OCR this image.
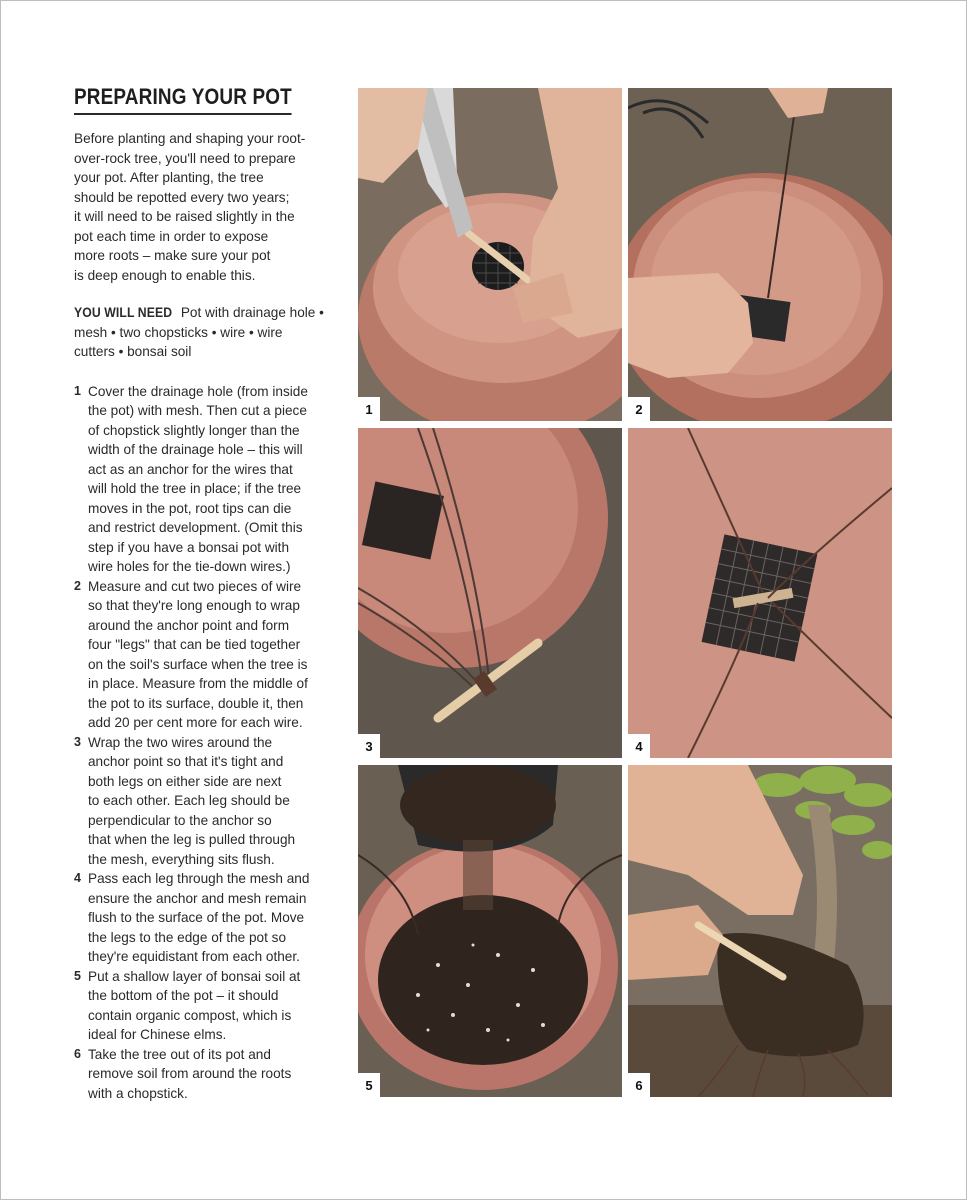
PREPARING YOUR POT

Before planting and shaping your root-
over-rock tree, you'll need to prepare
your pot. After planting, the tree
should be repotted every two years;
it will need to be raised slightly in the
pot each time in order to expose
more roots – make sure your pot
is deep enough to enable this.

YOU WILL NEED Pot with drainage hole • mesh • two chopsticks • wire • wire cutters • bonsai soil

1 Cover the drainage hole (from inside
the pot) with mesh. Then cut a piece
of chopstick slightly longer than the
width of the drainage hole – this will
act as an anchor for the wires that
will hold the tree in place; if the tree
moves in the pot, root tips can die
and restrict development. (Omit this
step if you have a bonsai pot with
wire holes for the tie-down wires.)
2 Measure and cut two pieces of wire
so that they're long enough to wrap
around the anchor point and form
four "legs" that can be tied together
on the soil's surface when the tree is
in place. Measure from the middle of
the pot to its surface, double it, then
add 20 per cent more for each wire.
3 Wrap the two wires around the
anchor point so that it's tight and
both legs on either side are next
to each other. Each leg should be
perpendicular to the anchor so
that when the leg is pulled through
the mesh, everything sits flush.
4 Pass each leg through the mesh and
ensure the anchor and mesh remain
flush to the surface of the pot. Move
the legs to the edge of the pot so
they're equidistant from each other.
5 Put a shallow layer of bonsai soil at
the bottom of the pot – it should
contain organic compost, which is
ideal for Chinese elms.
6 Take the tree out of its pot and
remove soil from around the roots
with a chopstick.
1	2
3	4
5	6
